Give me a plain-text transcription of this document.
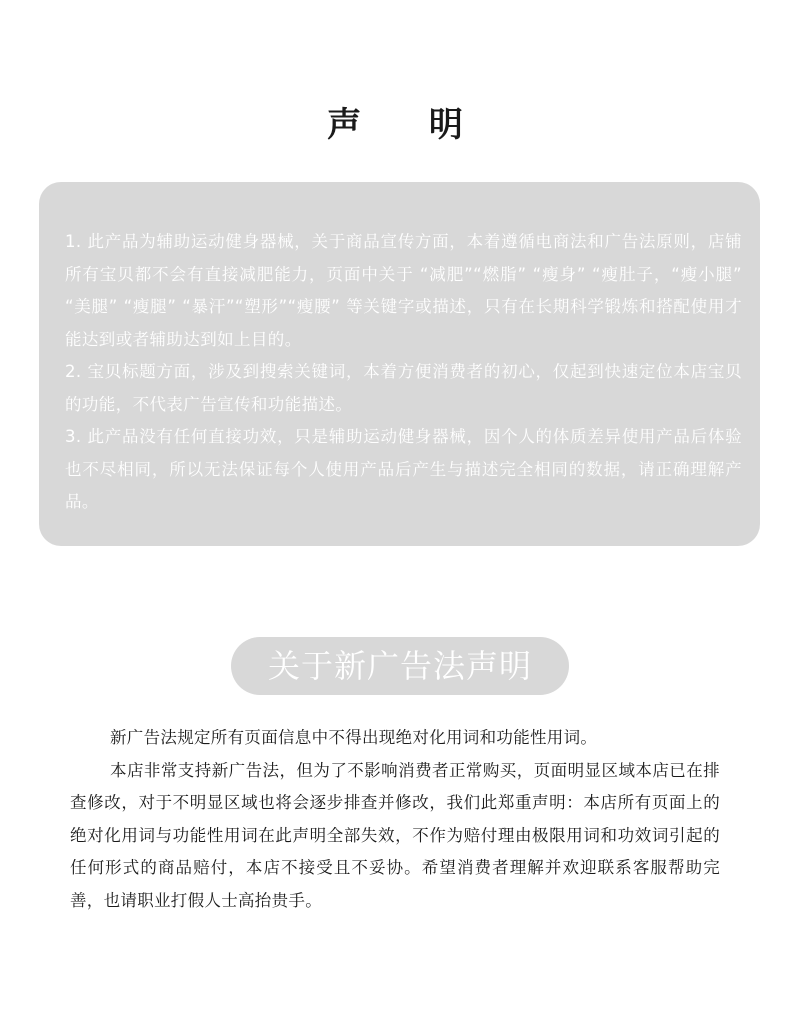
声 明

1. 此产品为辅助运动健身器械，关于商品宣传方面，本着遵循电商法和广告法原则，店铺所有宝贝都不会有直接减肥能力，页面中关于 “减肥”“燃脂” “瘦身” “瘦肚子，“瘦小腿” “美腿” “瘦腿” “暴汗”“塑形”“瘦腰” 等关键字或描述，只有在长期科学锻炼和搭配使用才能达到或者辅助达到如上目的。

2. 宝贝标题方面，涉及到搜索关键词，本着方便消费者的初心，仅起到快速定位本店宝贝的功能，不代表广告宣传和功能描述。

3. 此产品没有任何直接功效，只是辅助运动健身器械，因个人的体质差异使用产品后体验也不尽相同，所以无法保证每个人使用产品后产生与描述完全相同的数据，请正确理解产品。

关于新广告法声明

新广告法规定所有页面信息中不得出现绝对化用词和功能性用词。

本店非常支持新广告法，但为了不影响消费者正常购买，页面明显区域本店已在排查修改，对于不明显区域也将会逐步排查并修改，我们此郑重声明：本店所有页面上的绝对化用词与功能性用词在此声明全部失效，不作为赔付理由极限用词和功效词引起的任何形式的商品赔付，本店不接受且不妥协。希望消费者理解并欢迎联系客服帮助完善，也请职业打假人士高抬贵手。
